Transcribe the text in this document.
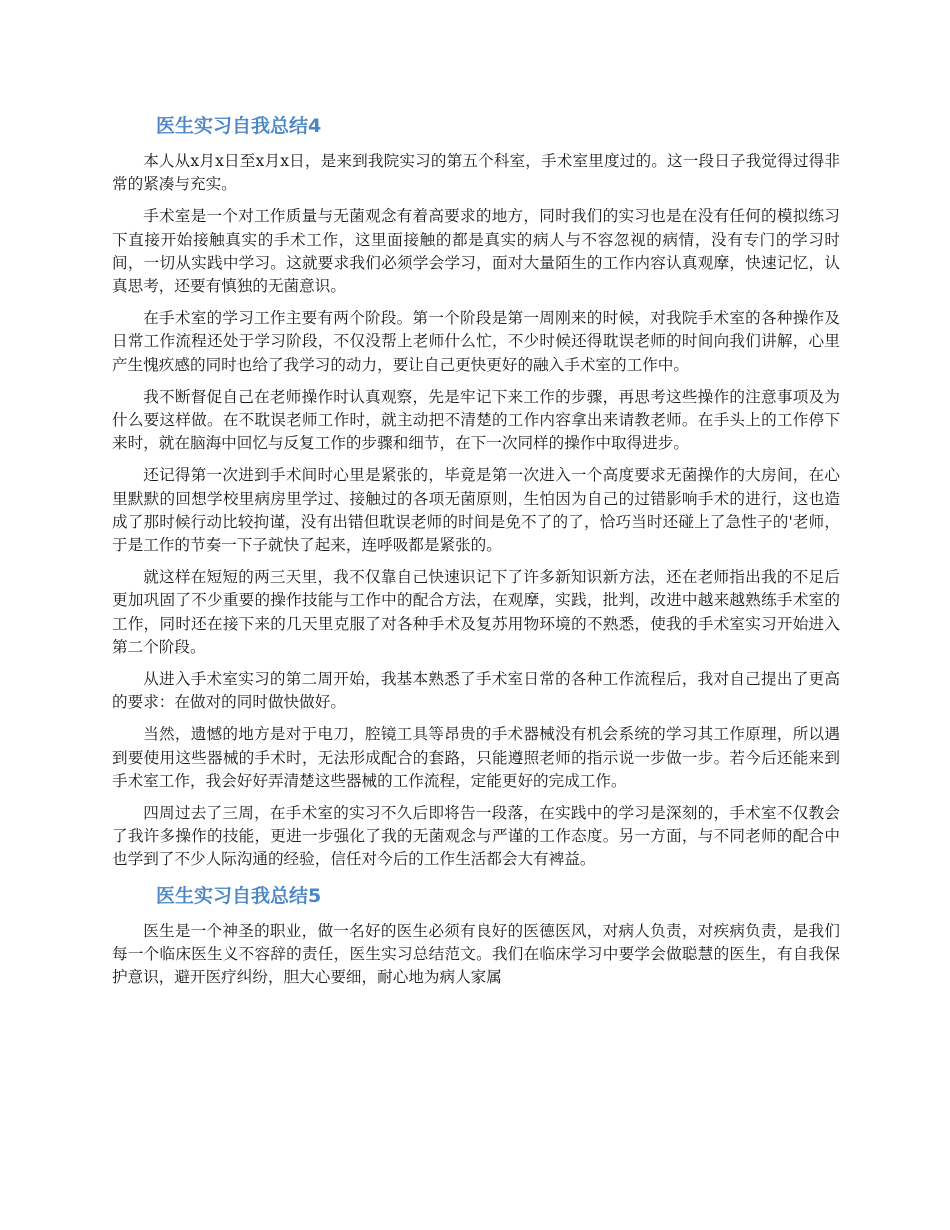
医生实习自我总结4

本人从x月x日至x月x日，是来到我院实习的第五个科室，手术室里度过的。这一段日子我觉得过得非常的紧凑与充实。

手术室是一个对工作质量与无菌观念有着高要求的地方，同时我们的实习也是在没有任何的模拟练习下直接开始接触真实的手术工作，这里面接触的都是真实的病人与不容忽视的病情，没有专门的学习时间，一切从实践中学习。这就要求我们必须学会学习，面对大量陌生的工作内容认真观摩，快速记忆，认真思考，还要有慎独的无菌意识。

在手术室的学习工作主要有两个阶段。第一个阶段是第一周刚来的时候，对我院手术室的各种操作及日常工作流程还处于学习阶段，不仅没帮上老师什么忙，不少时候还得耽误老师的时间向我们讲解，心里产生愧疚感的同时也给了我学习的动力，要让自己更快更好的融入手术室的工作中。

我不断督促自己在老师操作时认真观察，先是牢记下来工作的步骤，再思考这些操作的注意事项及为什么要这样做。在不耽误老师工作时，就主动把不清楚的工作内容拿出来请教老师。在手头上的工作停下来时，就在脑海中回忆与反复工作的步骤和细节，在下一次同样的操作中取得进步。

还记得第一次进到手术间时心里是紧张的，毕竟是第一次进入一个高度要求无菌操作的大房间，在心里默默的回想学校里病房里学过、接触过的各项无菌原则，生怕因为自己的过错影响手术的进行，这也造成了那时候行动比较拘谨，没有出错但耽误老师的时间是免不了的了，恰巧当时还碰上了急性子的'老师，于是工作的节奏一下子就快了起来，连呼吸都是紧张的。

就这样在短短的两三天里，我不仅靠自己快速识记下了许多新知识新方法，还在老师指出我的不足后更加巩固了不少重要的操作技能与工作中的配合方法，在观摩，实践，批判，改进中越来越熟练手术室的工作，同时还在接下来的几天里克服了对各种手术及复苏用物环境的不熟悉，使我的手术室实习开始进入第二个阶段。

从进入手术室实习的第二周开始，我基本熟悉了手术室日常的各种工作流程后，我对自己提出了更高的要求：在做对的同时做快做好。

当然，遗憾的地方是对于电刀，腔镜工具等昂贵的手术器械没有机会系统的学习其工作原理，所以遇到要使用这些器械的手术时，无法形成配合的套路，只能遵照老师的指示说一步做一步。若今后还能来到手术室工作，我会好好弄清楚这些器械的工作流程，定能更好的完成工作。

四周过去了三周，在手术室的实习不久后即将告一段落，在实践中的学习是深刻的，手术室不仅教会了我许多操作的技能，更进一步强化了我的无菌观念与严谨的工作态度。另一方面，与不同老师的配合中也学到了不少人际沟通的经验，信任对今后的工作生活都会大有裨益。

医生实习自我总结5

医生是一个神圣的职业，做一名好的医生必须有良好的医德医风，对病人负责，对疾病负责，是我们每一个临床医生义不容辞的责任，医生实习总结范文。我们在临床学习中要学会做聪慧的医生，有自我保护意识，避开医疗纠纷，胆大心要细，耐心地为病人家属
